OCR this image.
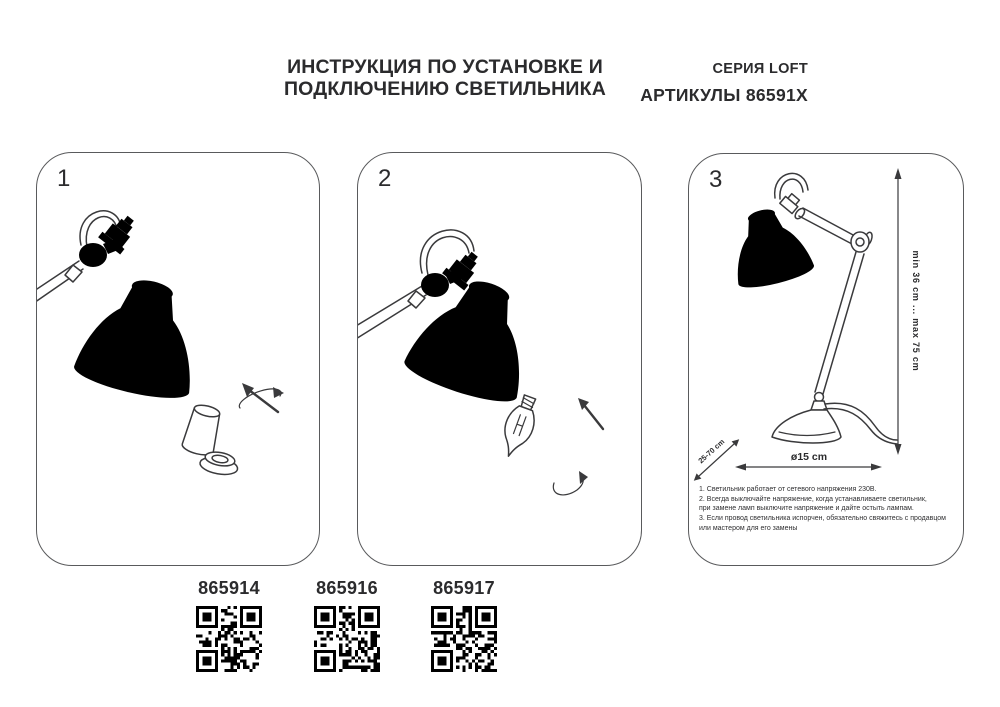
ИНСТРУКЦИЯ ПО УСТАНОВКЕ И
ПОДКЛЮЧЕНИЮ СВЕТИЛЬНИКА
СЕРИЯ LOFT
АРТИКУЛЫ 86591X
1	2
min 36 cm ... max 75 cm
ø15 cm
25-70 cm
1. Светильник работает от сетевого напряжения 230В.
2. Всегда выключайте напряжение, когда устанавливаете светильник,
при замене ламп выключите напряжение и дайте остыть лампам.
3. Если провод светильника испорчен, обязательно свяжитесь с продавцом
или мастером для его замены
3
865914	865916	865917
